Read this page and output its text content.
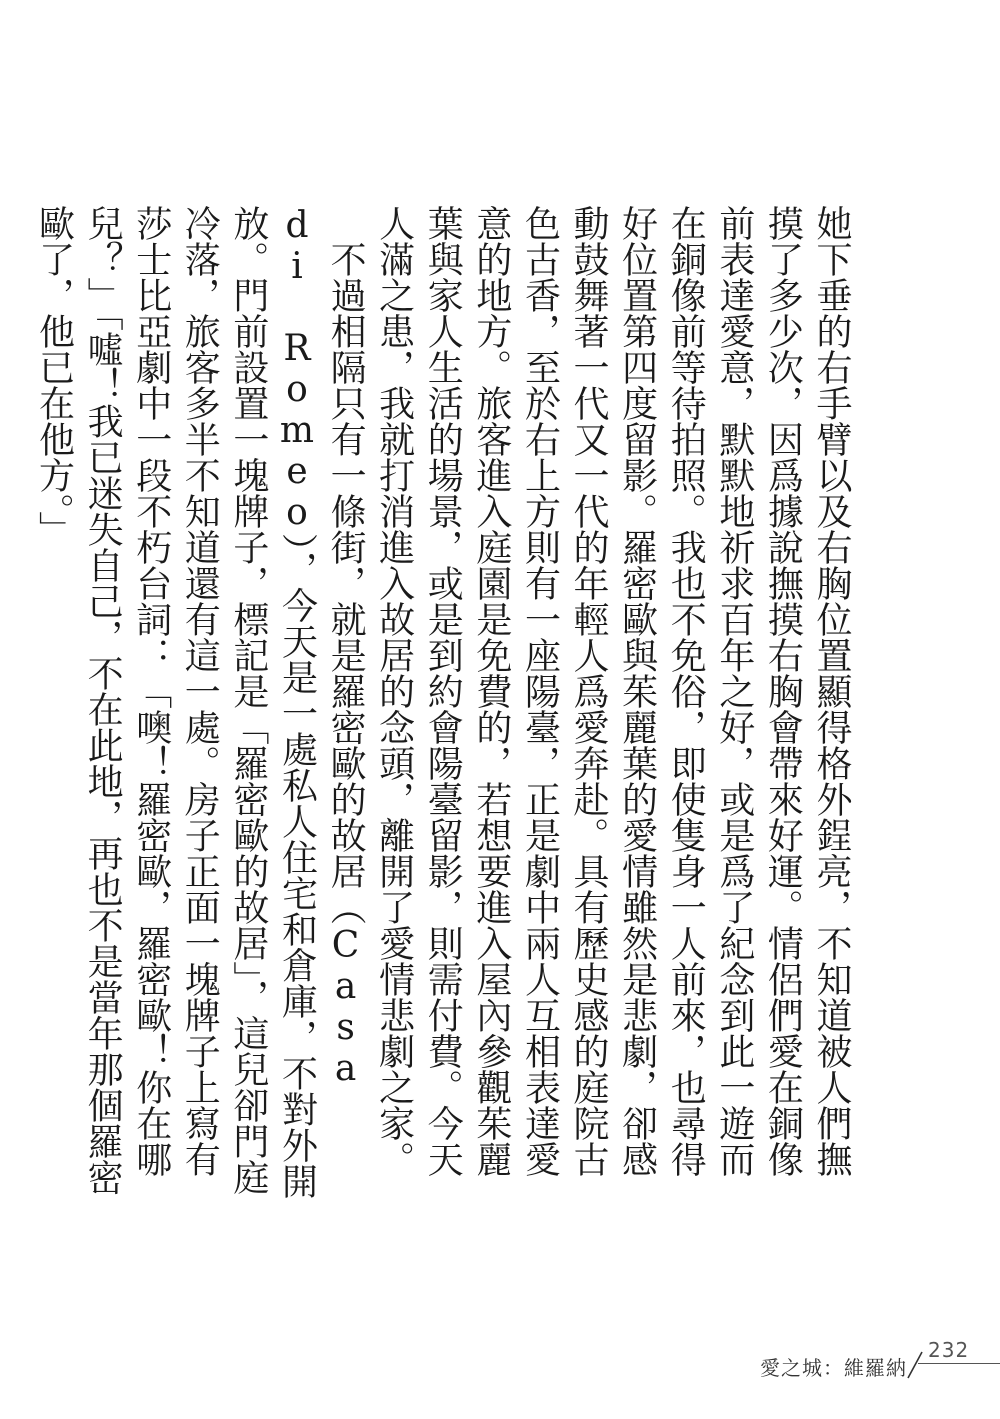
她下垂的右手臂以及右胸位置顯得格外鋥亮，不知道被人們撫摸了多少次，因爲據說撫摸右胸會帶來好運。情侶們愛在銅像前表達愛意，默默地祈求百年之好，或是爲了紀念到此一遊而在銅像前等待拍照。我也不免俗，即使隻身一人前來，也尋得好位置第四度留影。羅密歐與茱麗葉的愛情雖然是悲劇，卻感動鼓舞著一代又一代的年輕人爲愛奔赴。具有歷史感的庭院古色古香，至於右上方則有一座陽臺，正是劇中兩人互相表達愛意的地方。旅客進入庭園是免費的，若想要進入屋內參觀茱麗葉與家人生活的場景，或是到約會陽臺留影，則需付費。今天人滿之患，我就打消進入故居的念頭，離開了愛情悲劇之家。

不過相隔只有一條街，就是羅密歐的故居（Casa di Romeo），今天是一處私人住宅和倉庫，不對外開放。門前設置一塊牌子，標記是「羅密歐的故居」，這兒卻門庭冷落，旅客多半不知道還有這一處。房子正面一塊牌子上寫有莎士比亞劇中一段不朽台詞：「噢！羅密歐，羅密歐！你在哪兒？」「噓！我已迷失自己，不在此地，再也不是當年那個羅密歐了，他已在他方。」

愛之城：維羅納
232
